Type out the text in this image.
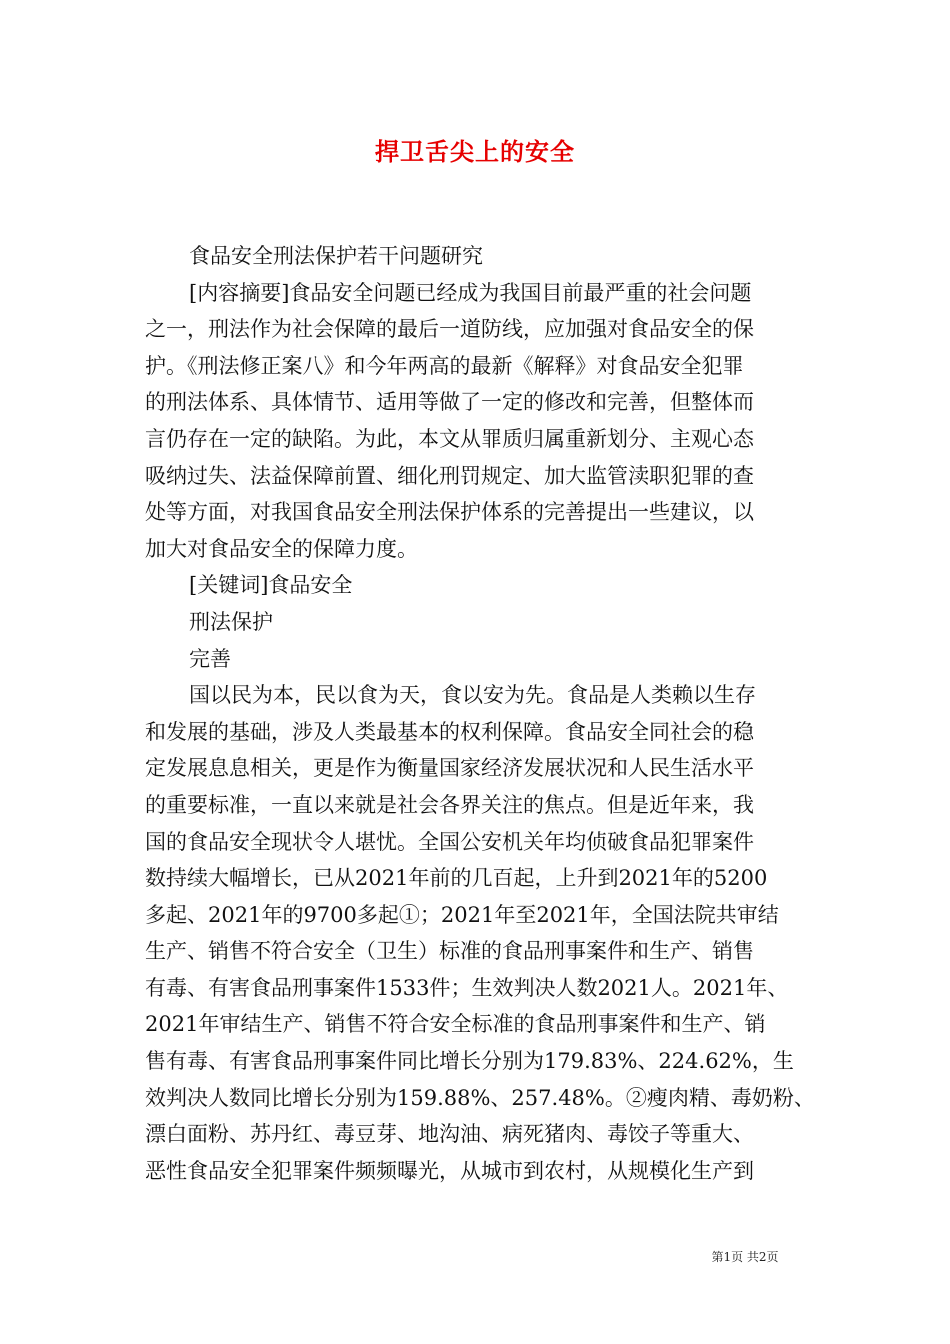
捍卫舌尖上的安全
食品安全刑法保护若干问题研究
[内容摘要]食品安全问题已经成为我国目前最严重的社会问题
之一，刑法作为社会保障的最后一道防线，应加强对食品安全的保
护。《刑法修正案八》和今年两高的最新《解释》对食品安全犯罪
的刑法体系、具体情节、适用等做了一定的修改和完善，但整体而
言仍存在一定的缺陷。为此，本文从罪质归属重新划分、主观心态
吸纳过失、法益保障前置、细化刑罚规定、加大监管渎职犯罪的查
处等方面，对我国食品安全刑法保护体系的完善提出一些建议，以
加大对食品安全的保障力度。
[关键词]食品安全
刑法保护
完善
国以民为本，民以食为天，食以安为先。食品是人类赖以生存
和发展的基础，涉及人类最基本的权利保障。食品安全同社会的稳
定发展息息相关，更是作为衡量国家经济发展状况和人民生活水平
的重要标准，一直以来就是社会各界关注的焦点。但是近年来，我
国的食品安全现状令人堪忧。全国公安机关年均侦破食品犯罪案件
数持续大幅增长，已从2021年前的几百起，上升到2021年的5200
多起、2021年的9700多起①；2021年至2021年，全国法院共审结
生产、销售不符合安全（卫生）标准的食品刑事案件和生产、销售
有毒、有害食品刑事案件1533件；生效判决人数2021人。2021年、
2021年审结生产、销售不符合安全标准的食品刑事案件和生产、销
售有毒、有害食品刑事案件同比增长分别为179.83%、224.62%，生
效判决人数同比增长分别为159.88%、257.48%。②瘦肉精、毒奶粉、
漂白面粉、苏丹红、毒豆芽、地沟油、病死猪肉、毒饺子等重大、
恶性食品安全犯罪案件频频曝光，从城市到农村，从规模化生产到
第1页 共2页
